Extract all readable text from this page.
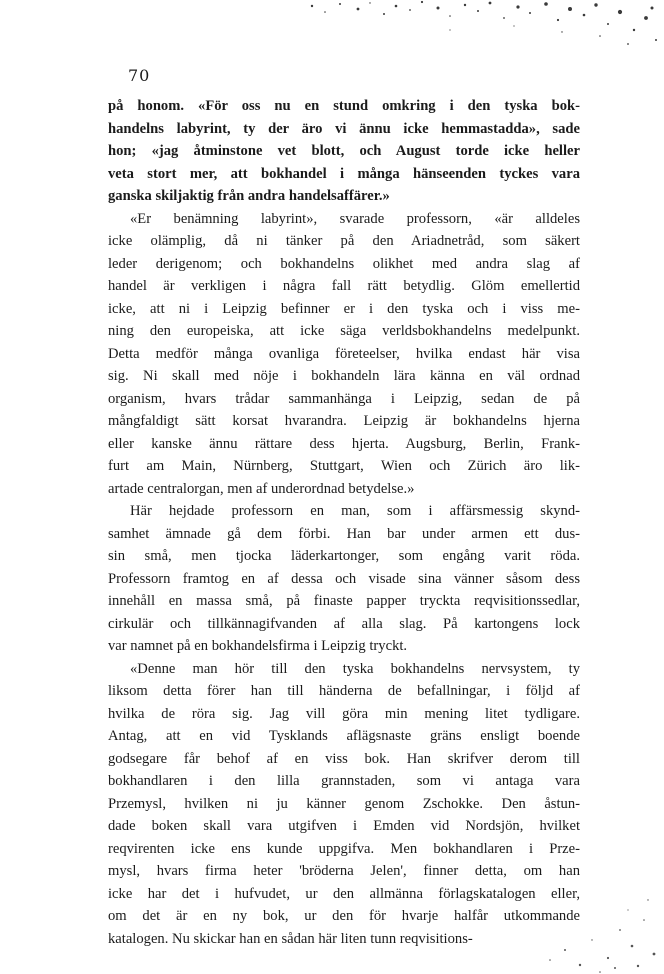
70
på honom. «För oss nu en stund omkring i den tyska bok-
handelns labyrint, ty der äro vi ännu icke hemmastadda», sade
hon; «jag åtminstone vet blott, och August torde icke heller
veta stort mer, att bokhandel i många hänseenden tyckes vara
ganska skiljaktig från andra handelsaffärer.»
«Er benämning labyrint», svarade professorn, «är alldeles
icke olämplig, då ni tänker på den Ariadnetråd, som säkert
leder derigenom; och bokhandelns olikhet med andra slag af
handel är verkligen i några fall rätt betydlig. Glöm emellertid
icke, att ni i Leipzig befinner er i den tyska och i viss me-
ning den europeiska, att icke säga verldsbokhandelns medelpunkt.
Detta medför många ovanliga företeelser, hvilka endast här visa
sig. Ni skall med nöje i bokhandeln lära känna en väl ordnad
organism, hvars trådar sammanhänga i Leipzig, sedan de på
mångfaldigt sätt korsat hvarandra. Leipzig är bokhandelns hjerna
eller kanske ännu rättare dess hjerta. Augsburg, Berlin, Frank-
furt am Main, Nürnberg, Stuttgart, Wien och Zürich äro lik-
artade centralorgan, men af underordnad betydelse.»
Här hejdade professorn en man, som i affärsmessig skynd-
samhet ämnade gå dem förbi. Han bar under armen ett dus-
sin små, men tjocka läderkartonger, som engång varit röda.
Professorn framtog en af dessa och visade sina vänner såsom dess
innehåll en massa små, på finaste papper tryckta reqvisitionssedlar,
cirkulär och tillkännagifvanden af alla slag. På kartongens lock
var namnet på en bokhandelsfirma i Leipzig tryckt.
«Denne man hör till den tyska bokhandelns nervsystem, ty
liksom detta förer han till händerna de befallningar, i följd af
hvilka de röra sig. Jag vill göra min mening litet tydligare.
Antag, att en vid Tysklands aflägsnaste gräns ensligt boende
godsegare får behof af en viss bok. Han skrifver derom till
bokhandlaren i den lilla grannstaden, som vi antaga vara
Przemysl, hvilken ni ju känner genom Zschokke. Den åstun-
dade boken skall vara utgifven i Emden vid Nordsjön, hvilket
reqvirenten icke ens kunde uppgifva. Men bokhandlaren i Prze-
mysl, hvars firma heter 'bröderna Jelen', finner detta, om han
icke har det i hufvudet, ur den allmänna förlagskatalogen eller,
om det är en ny bok, ur den för hvarje halfår utkommande
katalogen. Nu skickar han en sådan här liten tunn reqvisitions-
